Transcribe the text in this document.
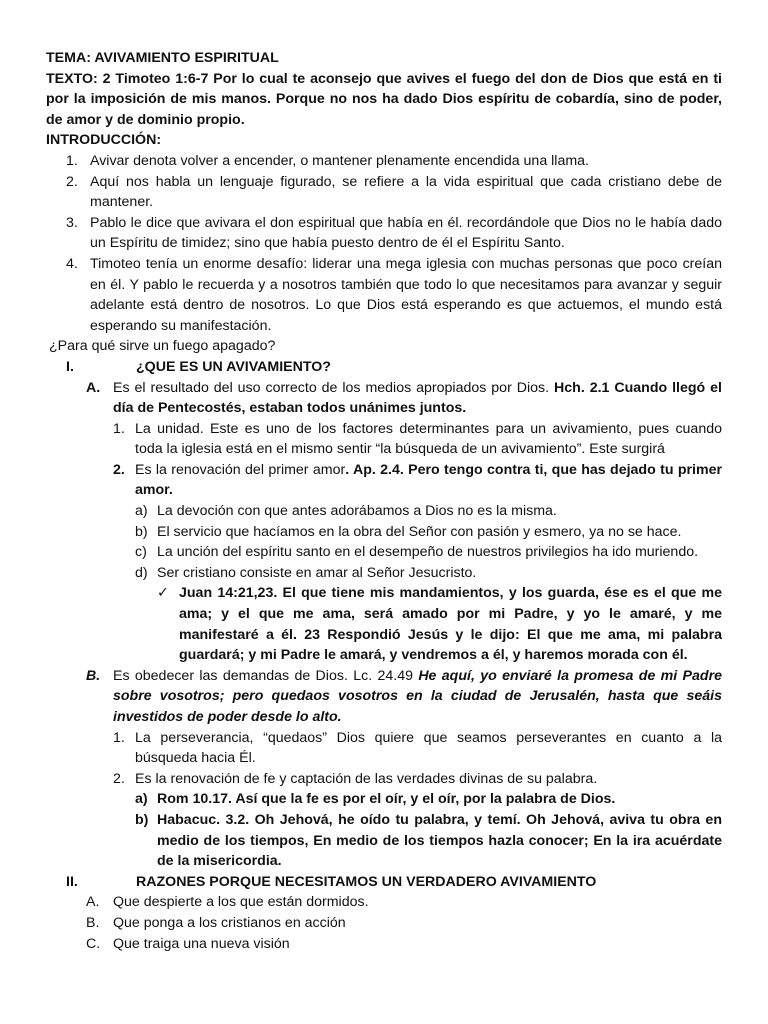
TEMA: AVIVAMIENTO ESPIRITUAL
TEXTO: 2 Timoteo 1:6-7 Por lo cual te aconsejo que avives el fuego del don de Dios que está en ti por la imposición de mis manos. Porque no nos ha dado Dios espíritu de cobardía, sino de poder, de amor y de dominio propio.
INTRODUCCIÓN:
1. Avivar denota volver a encender, o mantener plenamente encendida una llama.
2. Aquí nos habla un lenguaje figurado, se refiere a la vida espiritual que cada cristiano debe de mantener.
3. Pablo le dice que avivara el don espiritual que había en él. recordándole que Dios no le había dado un Espíritu de timidez; sino que había puesto dentro de él el Espíritu Santo.
4. Timoteo tenía un enorme desafío: liderar una mega iglesia con muchas personas que poco creían en él. Y pablo le recuerda y a nosotros también que todo lo que necesitamos para avanzar y seguir adelante está dentro de nosotros. Lo que Dios está esperando es que actuemos, el mundo está esperando su manifestación.
¿Para qué sirve un fuego apagado?
I.	¿QUE ES UN AVIVAMIENTO?
A. Es el resultado del uso correcto de los medios apropiados por Dios. Hch. 2.1 Cuando llegó el día de Pentecostés, estaban todos unánimes juntos.
1. La unidad. Este es uno de los factores determinantes para un avivamiento, pues cuando toda la iglesia está en el mismo sentir “la búsqueda de un avivamiento”. Este surgirá
2. Es la renovación del primer amor. Ap. 2.4. Pero tengo contra ti, que has dejado tu primer amor.
a) La devoción con que antes adorábamos a Dios no es la misma.
b) El servicio que hacíamos en la obra del Señor con pasión y esmero, ya no se hace.
c) La unción del espíritu santo en el desempeño de nuestros privilegios ha ido muriendo.
d) Ser cristiano consiste en amar al Señor Jesucristo.
✓ Juan 14:21,23. El que tiene mis mandamientos, y los guarda, ése es el que me ama; y el que me ama, será amado por mi Padre, y yo le amaré, y me manifestaré a él. 23 Respondió Jesús y le dijo: El que me ama, mi palabra guardará; y mi Padre le amará, y vendremos a él, y haremos morada con él.
B. Es obedecer las demandas de Dios. Lc. 24.49 He aquí, yo enviaré la promesa de mi Padre sobre vosotros; pero quedaos vosotros en la ciudad de Jerusalén, hasta que seáis investidos de poder desde lo alto.
1. La perseverancia, “quedaos” Dios quiere que seamos perseverantes en cuanto a la búsqueda hacia Él.
2. Es la renovación de fe y captación de las verdades divinas de su palabra.
a) Rom 10.17. Así que la fe es por el oír, y el oír, por la palabra de Dios.
b) Habacuc. 3.2. Oh Jehová, he oído tu palabra, y temí. Oh Jehová, aviva tu obra en medio de los tiempos, En medio de los tiempos hazla conocer; En la ira acuérdate de la misericordia.
II.	RAZONES PORQUE NECESITAMOS UN VERDADERO AVIVAMIENTO
A. Que despierte a los que están dormidos.
B. Que ponga a los cristianos en acción
C. Que traiga una nueva visión
